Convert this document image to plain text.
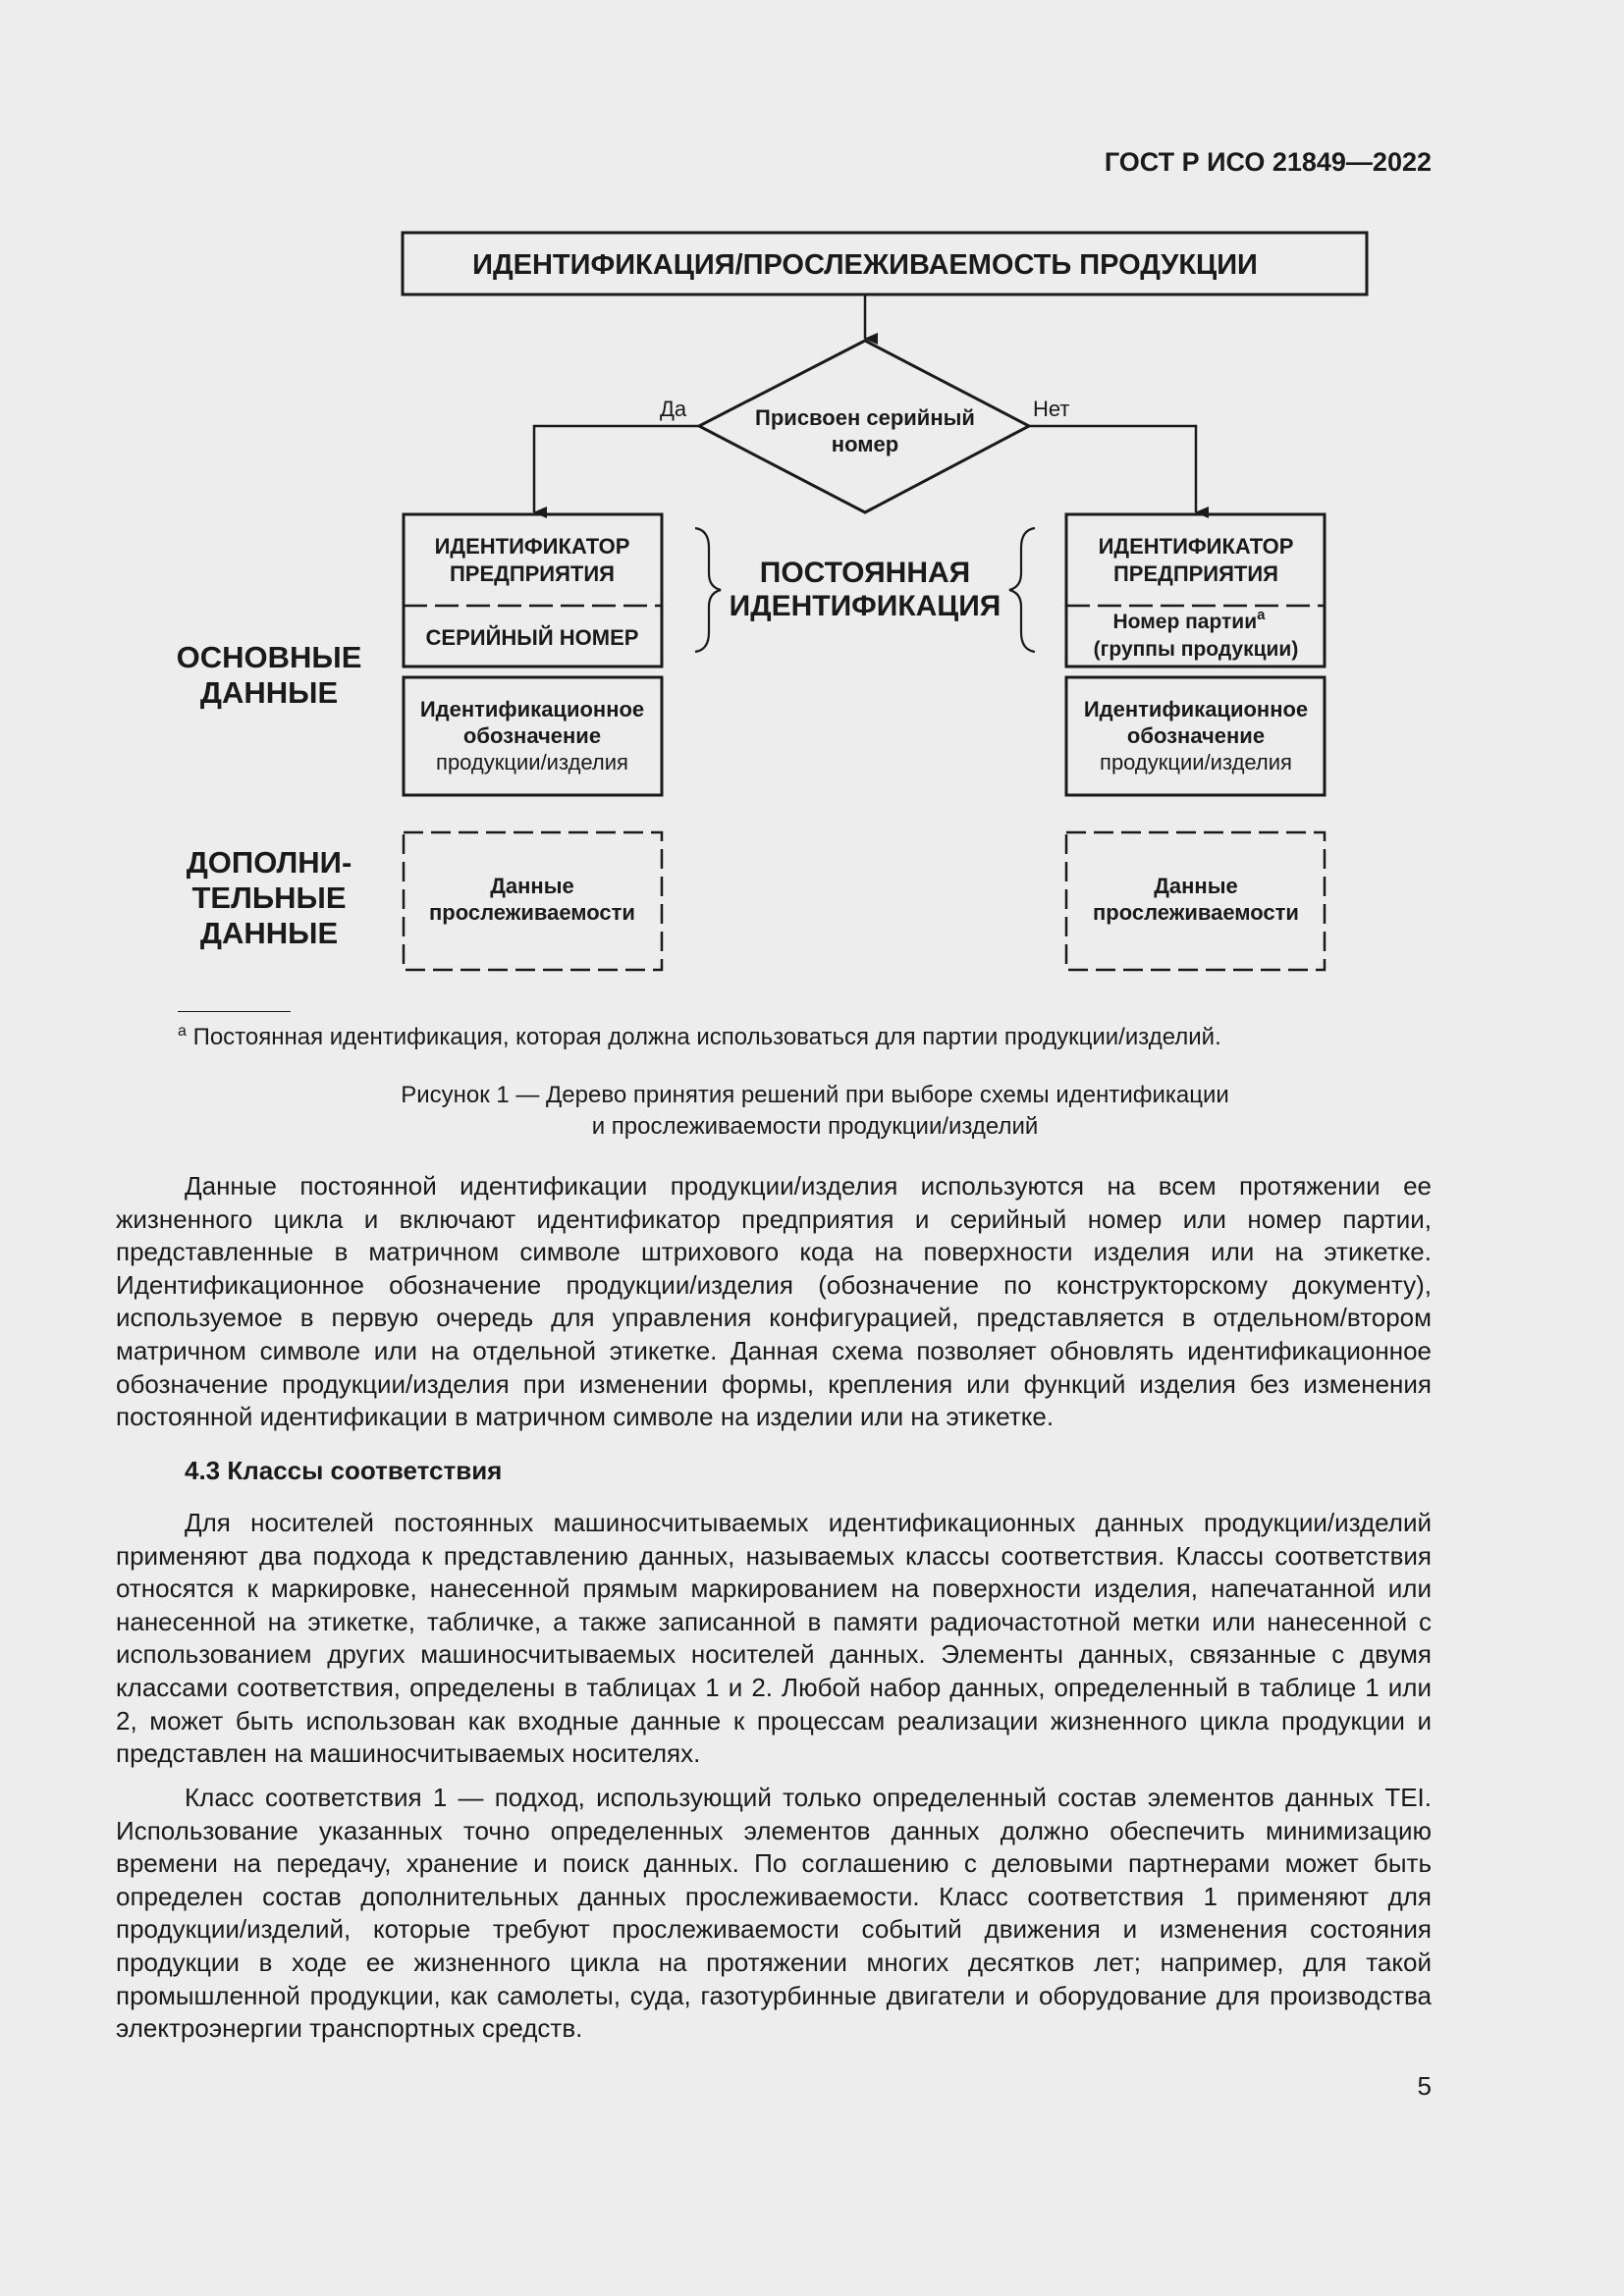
ГОСТ Р ИСО 21849—2022
ИДЕНТИФИКАЦИЯ/ПРОСЛЕЖИВАЕМОСТЬ ПРОДУКЦИИ
Присвоен серийный
номер
Да	Нет
ИДЕНТИФИКАТОР
ПРЕДПРИЯТИЯ
СЕРИЙНЫЙ НОМЕР
Идентификационное
обозначение
продукции/изделия
Данные
прослеживаемости
ИДЕНТИФИКАТОР
ПРЕДПРИЯТИЯ
Номер партии$^а$
(группы продукции)
Идентификационное
обозначение
продукции/изделия
Данные
прослеживаемости
ПОСТОЯННАЯ
ИДЕНТИФИКАЦИЯ
ОСНОВНЫЕ
ДАННЫЕ
ДОПОЛНИ-
ТЕЛЬНЫЕ
ДАННЫЕ
$^а$ Постоянная идентификация, которая должна использоваться для партии продукции/изделий.
Рисунок 1 — Дерево принятия решений при выборе схемы идентификации
и прослеживаемости продукции/изделий

Данные постоянной идентификации продукции/изделия используются на всем протяжении ее жизненного цикла и включают идентификатор предприятия и серийный номер или номер партии, представленные в матричном символе штрихового кода на поверхности изделия или на этикетке. Идентификационное обозначение продукции/изделия (обозначение по конструкторскому документу), используемое в первую очередь для управления конфигурацией, представляется в отдельном/втором матричном символе или на отдельной этикетке. Данная схема позволяет обновлять идентификационное обозначение продукции/изделия при изменении формы, крепления или функций изделия без изменения постоянной идентификации в матричном символе на изделии или на этикетке.

4.3 Классы соответствия

Для носителей постоянных машиносчитываемых идентификационных данных продукции/изделий применяют два подхода к представлению данных, называемых классы соответствия. Классы соответствия относятся к маркировке, нанесенной прямым маркированием на поверхности изделия, напечатанной или нанесенной на этикетке, табличке, а также записанной в памяти радиочастотной метки или нанесенной с использованием других машиносчитываемых носителей данных. Элементы данных, связанные с двумя классами соответствия, определены в таблицах 1 и 2. Любой набор данных, определенный в таблице 1 или 2, может быть использован как входные данные к процессам реализации жизненного цикла продукции и представлен на машиносчитываемых носителях.

Класс соответствия 1 — подход, использующий только определенный состав элементов данных TEI. Использование указанных точно определенных элементов данных должно обеспечить минимизацию времени на передачу, хранение и поиск данных. По соглашению с деловыми партнерами может быть определен состав дополнительных данных прослеживаемости. Класс соответствия 1 применяют для продукции/изделий, которые требуют прослеживаемости событий движения и изменения состояния продукции в ходе ее жизненного цикла на протяжении многих десятков лет; например, для такой промышленной продукции, как самолеты, суда, газотурбинные двигатели и оборудование для производства электроэнергии транспортных средств.

5
